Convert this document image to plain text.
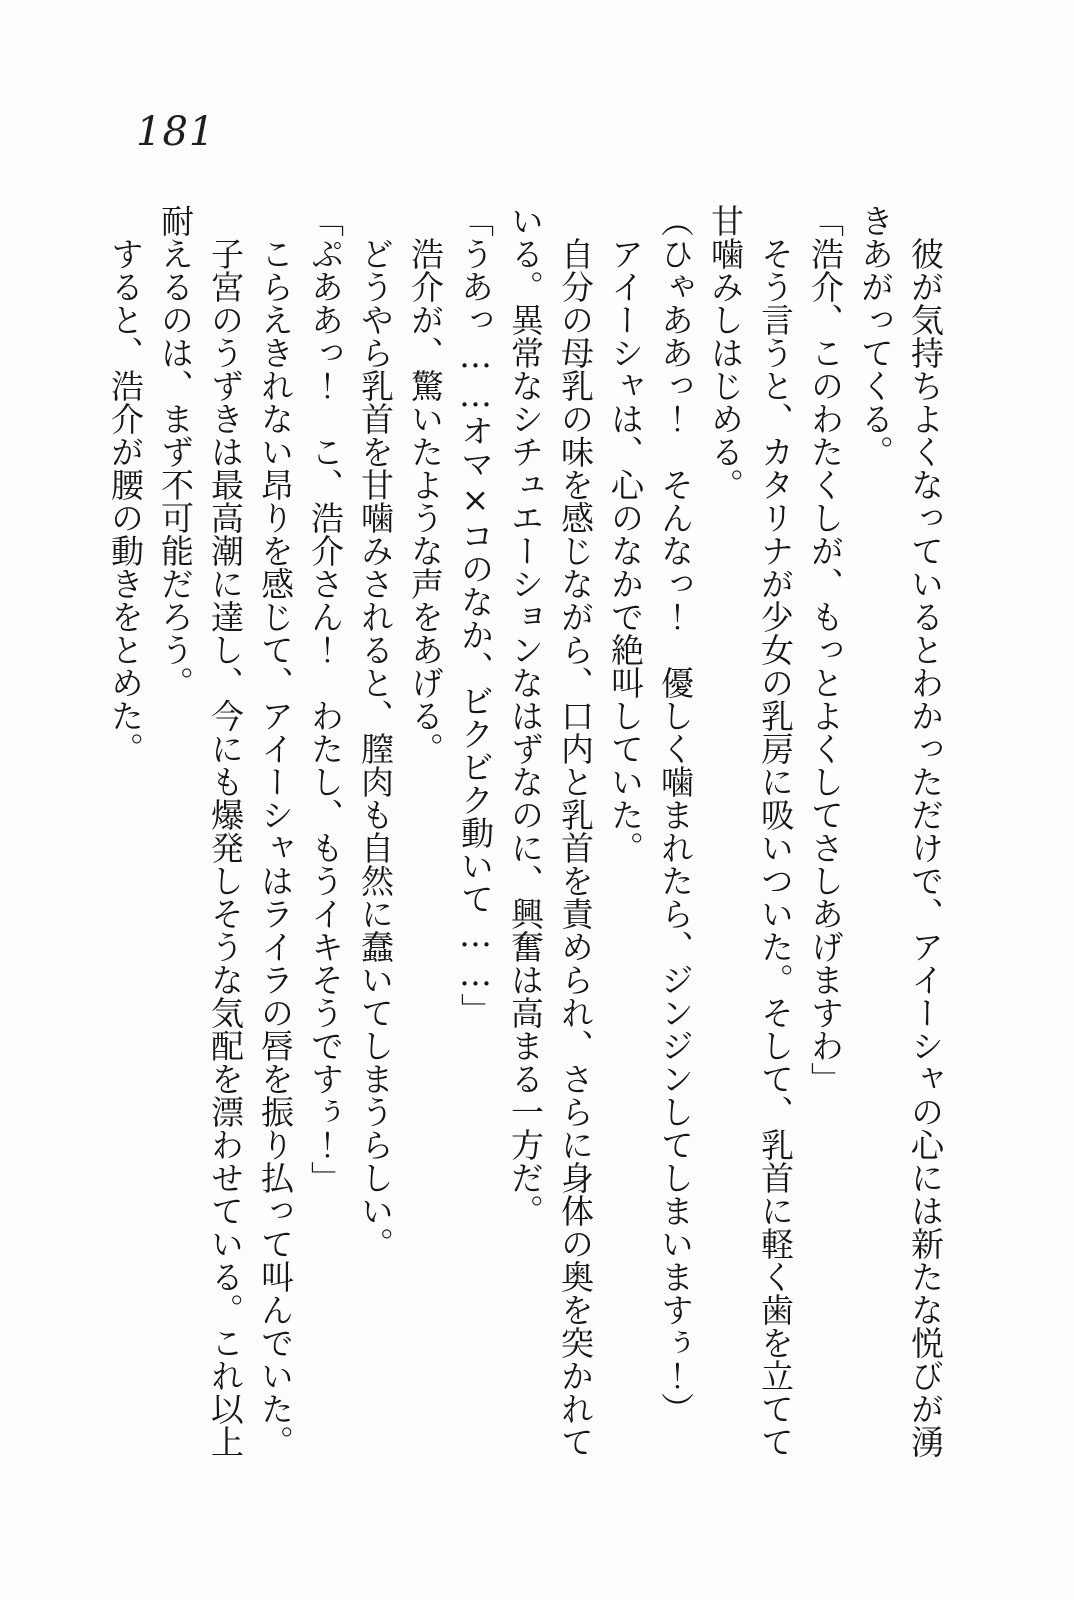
181

彼が気持ちよくなっているとわかっただけで、アイーシャの心には新たな悦びが湧きあがってくる。

「浩介、このわたくしが、もっとよくしてさしあげますわ」

そう言うと、カタリナが少女の乳房に吸いついた。そして、乳首に軽く歯を立てて甘噛みしはじめる。

（ひゃああっ！　そんなっ！　優しく噛まれたら、ジンジンしてしまいますぅ！）

アイーシャは、心のなかで絶叫していた。

自分の母乳の味を感じながら、口内と乳首を責められ、さらに身体の奥を突かれている。異常なシチュエーションなはずなのに、興奮は高まる一方だ。

「うあっ……オマ×コのなか、ビクビク動いて……」

浩介が、驚いたような声をあげる。

どうやら乳首を甘噛みされると、膣肉も自然に蠢いてしまうらしい。

「ぷああっ！　こ、浩介さん！　わたし、もうイキそうですぅ！」

こらえきれない昂りを感じて、アイーシャはライラの唇を振り払って叫んでいた。

子宮のうずきは最高潮に達し、今にも爆発しそうな気配を漂わせている。これ以上耐えるのは、まず不可能だろう。

すると、浩介が腰の動きをとめた。
